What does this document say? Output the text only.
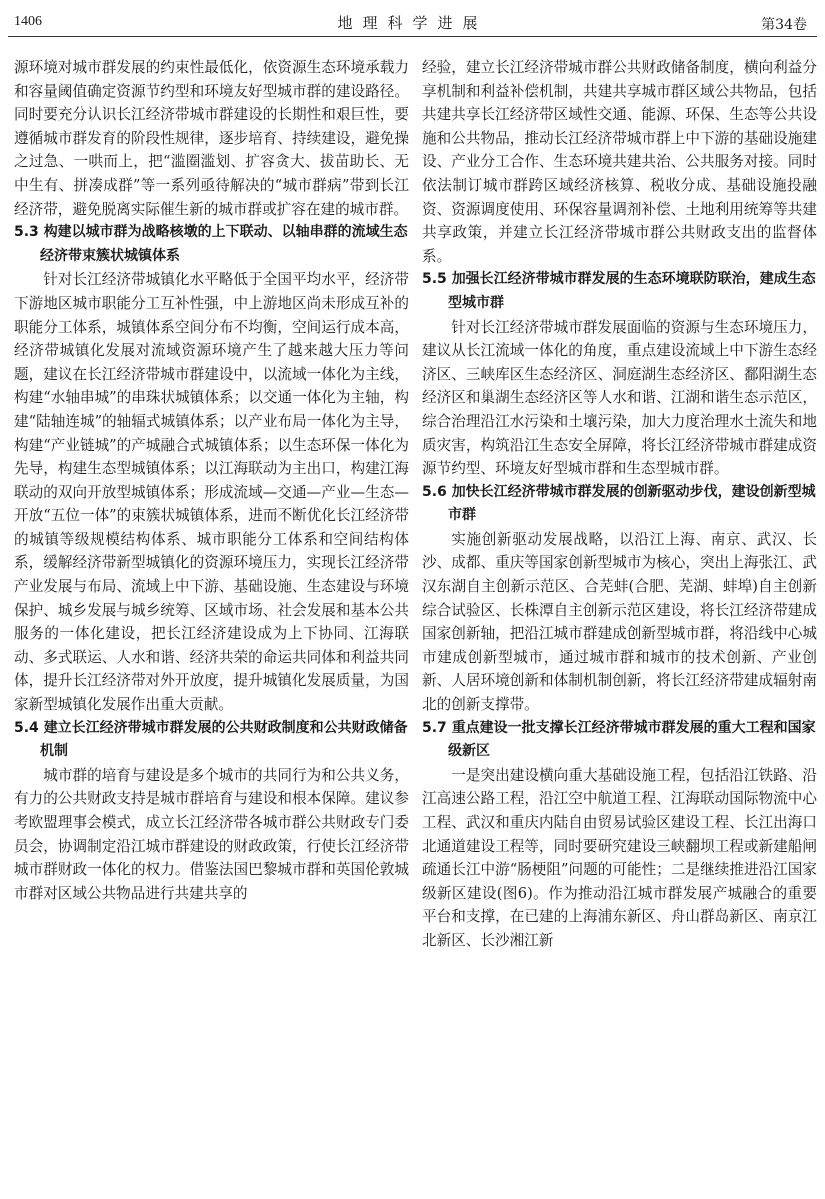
1406	地理科学进展	第34卷

源环境对城市群发展的约束性最低化，依资源生态环境承载力和容量阈值确定资源节约型和环境友好型城市群的建设路径。同时要充分认识长江经济带城市群建设的长期性和艰巨性，要遵循城市群发育的阶段性规律，逐步培育、持续建设，避免操之过急、一哄而上，把“滥圈滥划、扩容贪大、拔苗助长、无中生有、拼凑成群”等一系列亟待解决的“城市群病”带到长江经济带，避免脱离实际催生新的城市群或扩容在建的城市群。

5.3 构建以城市群为战略核墩的上下联动、以轴串群的流域生态经济带束簇状城镇体系

针对长江经济带城镇化水平略低于全国平均水平，经济带下游地区城市职能分工互补性强，中上游地区尚未形成互补的职能分工体系，城镇体系空间分布不均衡，空间运行成本高，经济带城镇化发展对流域资源环境产生了越来越大压力等问题，建议在长江经济带城市群建设中，以流域一体化为主线，构建“水轴串城”的串珠状城镇体系；以交通一体化为主轴，构建“陆轴连城”的轴辐式城镇体系；以产业布局一体化为主导，构建“产业链城”的产城融合式城镇体系；以生态环保一体化为先导，构建生态型城镇体系；以江海联动为主出口，构建江海联动的双向开放型城镇体系；形成流域—交通—产业—生态—开放“五位一体”的束簇状城镇体系，进而不断优化长江经济带的城镇等级规模结构体系、城市职能分工体系和空间结构体系，缓解经济带新型城镇化的资源环境压力，实现长江经济带产业发展与布局、流域上中下游、基础设施、生态建设与环境保护、城乡发展与城乡统筹、区域市场、社会发展和基本公共服务的一体化建设，把长江经济建设成为上下协同、江海联动、多式联运、人水和谐、经济共荣的命运共同体和利益共同体，提升长江经济带对外开放度，提升城镇化发展质量，为国家新型城镇化发展作出重大贡献。

5.4 建立长江经济带城市群发展的公共财政制度和公共财政储备机制

城市群的培育与建设是多个城市的共同行为和公共义务，有力的公共财政支持是城市群培育与建设和根本保障。建议参考欧盟理事会模式，成立长江经济带各城市群公共财政专门委员会，协调制定沿江城市群建设的财政政策，行使长江经济带城市群财政一体化的权力。借鉴法国巴黎城市群和英国伦敦城市群对区域公共物品进行共建共享的

经验，建立长江经济带城市群公共财政储备制度，横向利益分享机制和利益补偿机制，共建共享城市群区域公共物品，包括共建共享长江经济带区域性交通、能源、环保、生态等公共设施和公共物品，推动长江经济带城市群上中下游的基础设施建设、产业分工合作、生态环境共建共治、公共服务对接。同时依法制订城市群跨区域经济核算、税收分成、基础设施投融资、资源调度使用、环保容量调剂补偿、土地利用统筹等共建共享政策，并建立长江经济带城市群公共财政支出的监督体系。

5.5 加强长江经济带城市群发展的生态环境联防联治，建成生态型城市群

针对长江经济带城市群发展面临的资源与生态环境压力，建议从长江流域一体化的角度，重点建设流域上中下游生态经济区、三峡库区生态经济区、洞庭湖生态经济区、鄱阳湖生态经济区和巢湖生态经济区等人水和谐、江湖和谐生态示范区，综合治理沿江水污染和土壤污染，加大力度治理水土流失和地质灾害，构筑沿江生态安全屏障，将长江经济带城市群建成资源节约型、环境友好型城市群和生态型城市群。

5.6 加快长江经济带城市群发展的创新驱动步伐，建设创新型城市群

实施创新驱动发展战略，以沿江上海、南京、武汉、长沙、成都、重庆等国家创新型城市为核心，突出上海张江、武汉东湖自主创新示范区、合芜蚌(合肥、芜湖、蚌埠)自主创新综合试验区、长株潭自主创新示范区建设，将长江经济带建成国家创新轴，把沿江城市群建成创新型城市群，将沿线中心城市建成创新型城市，通过城市群和城市的技术创新、产业创新、人居环境创新和体制机制创新，将长江经济带建成辐射南北的创新支撑带。

5.7 重点建设一批支撑长江经济带城市群发展的重大工程和国家级新区

一是突出建设横向重大基础设施工程，包括沿江铁路、沿江高速公路工程，沿江空中航道工程、江海联动国际物流中心工程、武汉和重庆内陆自由贸易试验区建设工程、长江出海口北通道建设工程等，同时要研究建设三峡翻坝工程或新建船闸疏通长江中游“肠梗阻”问题的可能性；二是继续推进沿江国家级新区建设(图6)。作为推动沿江城市群发展产城融合的重要平台和支撑，在已建的上海浦东新区、舟山群岛新区、南京江北新区、长沙湘江新
